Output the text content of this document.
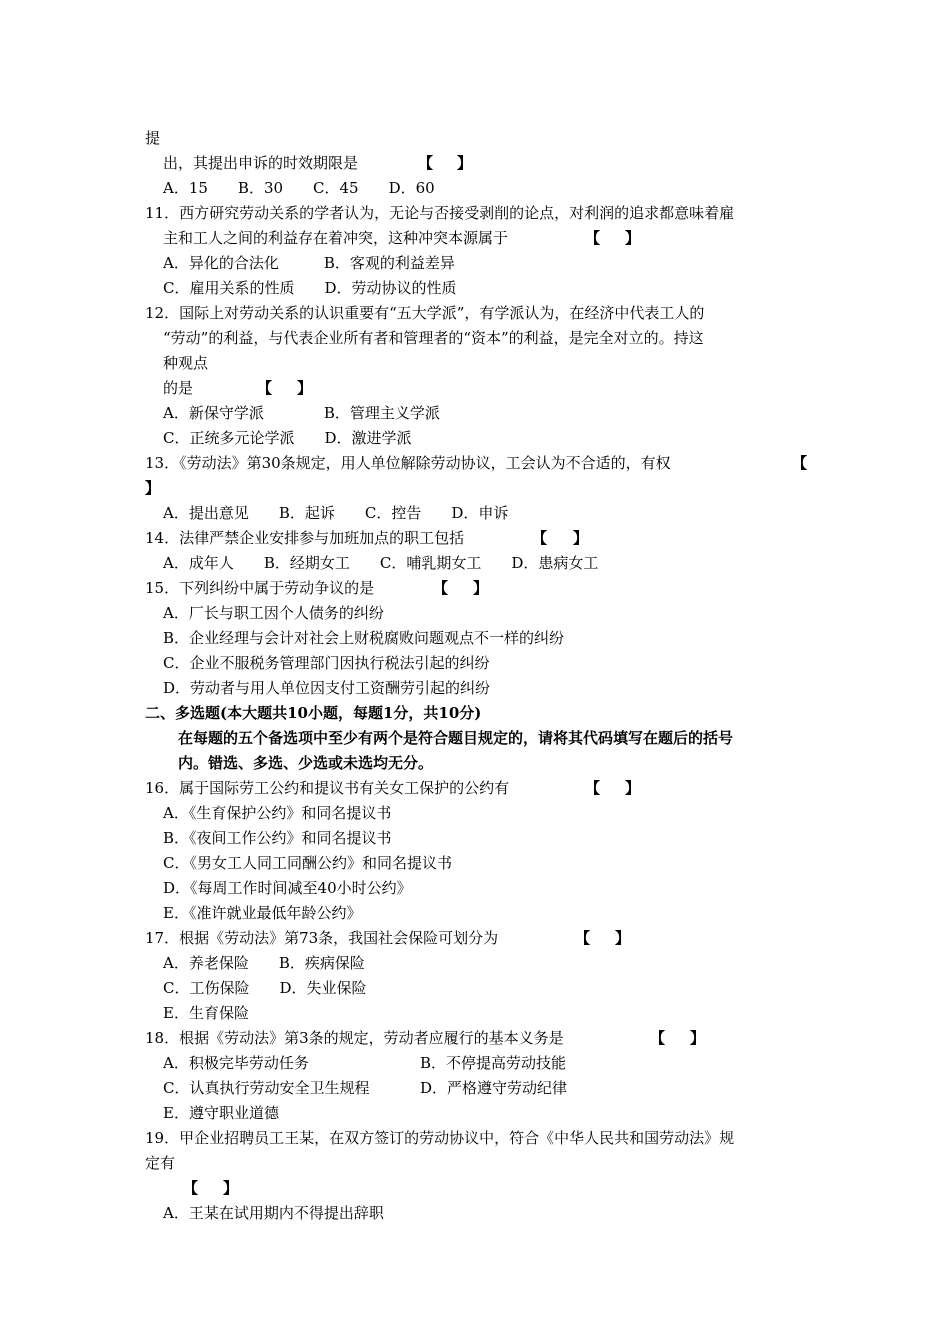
提
出，其提出申诉的时效期限是	【 】
A．15　　B．30　　C．45　　D．60
11．西方研究劳动关系的学者认为，无论与否接受剥削的论点，对利润的追求都意味着雇
主和工人之间的利益存在着冲突，这种冲突本源属于	【 】
A．异化的合法化　　　B．客观的利益差异
C．雇用关系的性质　　D．劳动协议的性质
12．国际上对劳动关系的认识重要有“五大学派”，有学派认为，在经济中代表工人的
“劳动”的利益，与代表企业所有者和管理者的“资本”的利益，是完全对立的。持这
种观点
的是	【 】
A．新保守学派　　　　B．管理主义学派
C．正统多元论学派　　D．激进学派
13．《劳动法》第30条规定，用人单位解除劳动协议，工会认为不合适的，有权	【
】
A．提出意见　　B．起诉　　C．控告　　D．申诉
14．法律严禁企业安排参与加班加点的职工包括	【 】
A．成年人　　B．经期女工　　C．哺乳期女工　　D．患病女工
15．下列纠纷中属于劳动争议的是	【 】
A．厂长与职工因个人债务的纠纷
B．企业经理与会计对社会上财税腐败问题观点不一样的纠纷
C．企业不服税务管理部门因执行税法引起的纠纷
D．劳动者与用人单位因支付工资酬劳引起的纠纷
二、多选题(本大题共10小题，每题1分，共10分)
在每题的五个备选项中至少有两个是符合题目规定的，请将其代码填写在题后的括号
内。错选、多选、少选或未选均无分。
16．属于国际劳工公约和提议书有关女工保护的公约有	【 】
A．《生育保护公约》和同名提议书
B．《夜间工作公约》和同名提议书
C．《男女工人同工同酬公约》和同名提议书
D．《每周工作时间减至40小时公约》
E．《准许就业最低年龄公约》
17．根据《劳动法》第73条，我国社会保险可划分为	【 】
A．养老保险　　B．疾病保险
C．工伤保险　　D．失业保险
E．生育保险
18．根据《劳动法》第3条的规定，劳动者应履行的基本义务是	【 】
A．积极完毕劳动任务	B．不停提高劳动技能
C．认真执行劳动安全卫生规程	D．严格遵守劳动纪律
E．遵守职业道德
19．甲企业招聘员工王某，在双方签订的劳动协议中，符合《中华人民共和国劳动法》规
定有
【 】
A．王某在试用期内不得提出辞职
